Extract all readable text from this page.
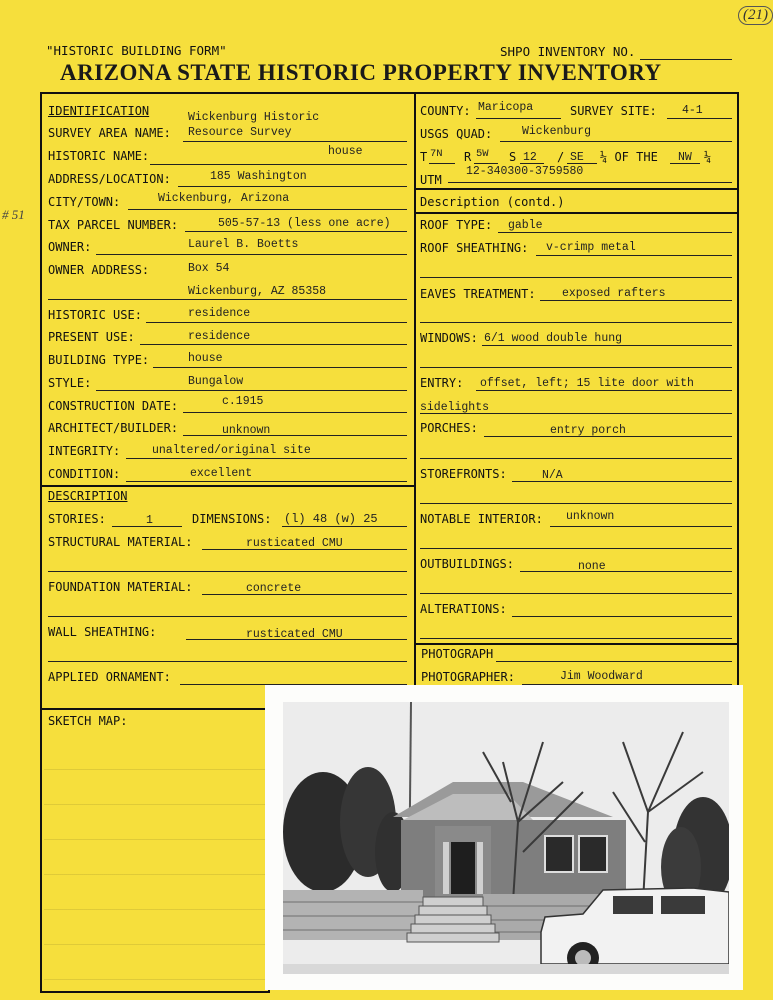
(21)
# 51
"HISTORIC BUILDING FORM"	SHPO INVENTORY NO.
ARIZONA STATE HISTORIC PROPERTY INVENTORY
IDENTIFICATION	Wickenburg Historic
SURVEY AREA NAME: Resource Survey
HISTORIC NAME:	house
ADDRESS/LOCATION:	185 Washington
CITY/TOWN:	Wickenburg, Arizona
TAX PARCEL NUMBER:	505-57-13 (less one acre)
OWNER:	Laurel B. Boetts
OWNER ADDRESS:	Box 54
Wickenburg, AZ 85358
HISTORIC USE:	residence
PRESENT USE:	residence
BUILDING TYPE:	house
STYLE:	Bungalow
CONSTRUCTION DATE:	c.1915
ARCHITECT/BUILDER:	unknown
INTEGRITY:	unaltered/original site
CONDITION:	excellent
COUNTY: Maricopa	SURVEY SITE: 4-1
USGS QUAD:	Wickenburg
T 7N R 5W S 12 / SE ¼ OF THE NW ¼
UTM
12-340300-3759580
Description (contd.)
ROOF TYPE: gable
ROOF SHEATHING: v-crimp metal
EAVES TREATMENT: exposed rafters
WINDOWS: 6/1 wood double hung
ENTRY: offset, left; 15 lite door with
sidelights
PORCHES:	entry porch
STOREFRONTS:	N/A
NOTABLE INTERIOR: unknown
OUTBUILDINGS:	none
ALTERATIONS:
DESCRIPTION
STORIES:	1	DIMENSIONS: (l) 48 (w) 25
STRUCTURAL MATERIAL:	rusticated CMU
FOUNDATION MATERIAL:	concrete
WALL SHEATHING:	rusticated CMU
APPLIED ORNAMENT:
PHOTOGRAPH
PHOTOGRAPHER:	Jim Woodward
SKETCH MAP:
